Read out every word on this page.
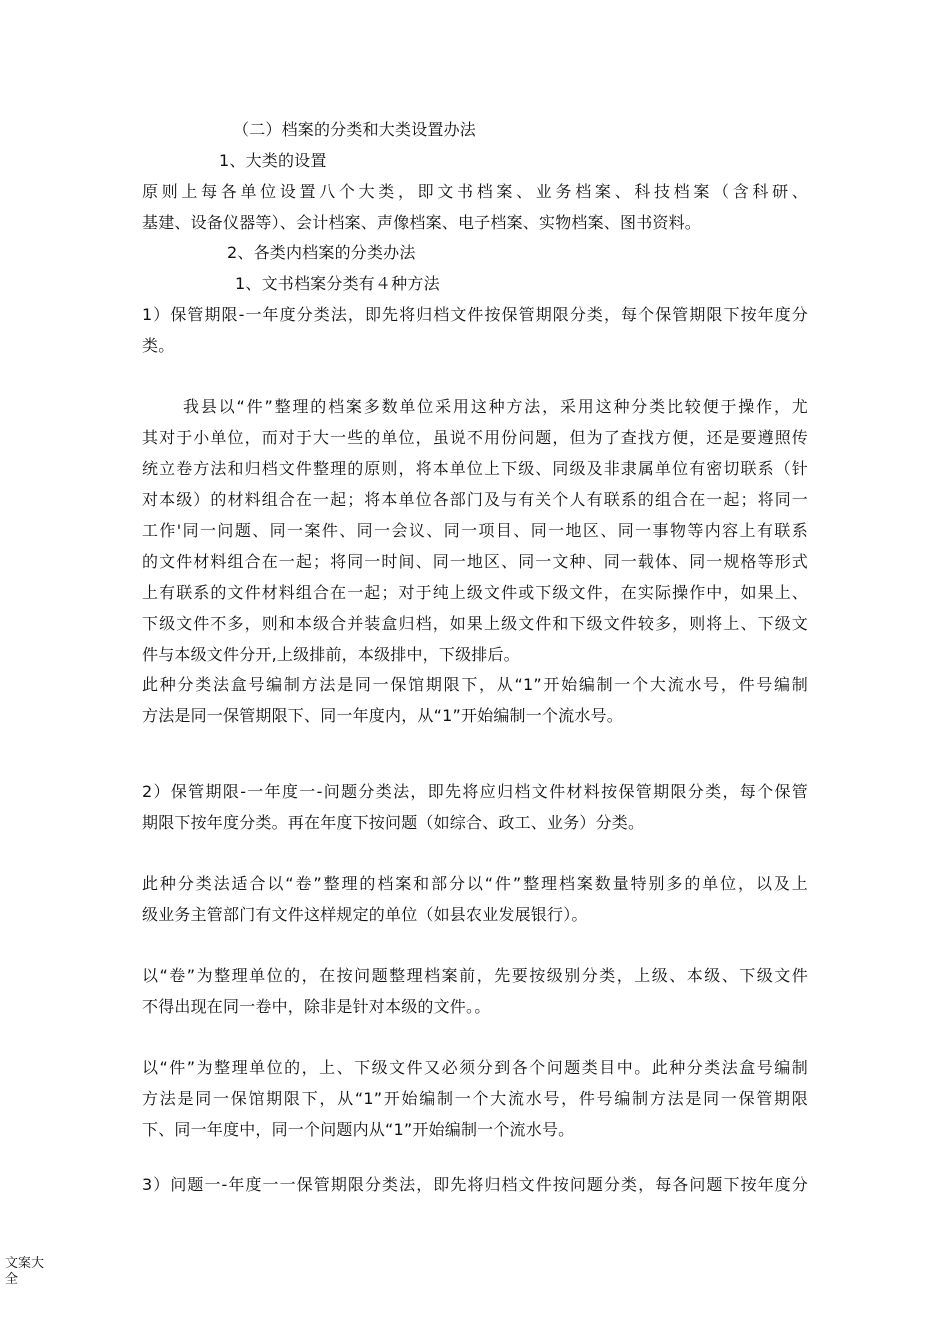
（二）档案的分类和大类设置办法
1、大类的设置
原则上每各单位设置八个大类，即文书档案、业务档案、科技档案（含科研、
基建、设备仪器等）、会计档案、声像档案、电子档案、实物档案、图书资料。
2、各类内档案的分类办法
1、文书档案分类有４种方法
1）保管期限-一年度分类法，即先将归档文件按保管期限分类，每个保管期限下按年度分
类。
我县以“件”整理的档案多数单位采用这种方法，采用这种分类比较便于操作，尤
其对于小单位，而对于大一些的单位，虽说不用份问题，但为了查找方便，还是要遵照传
统立卷方法和归档文件整理的原则，将本单位上下级、同级及非隶属单位有密切联系（针
对本级）的材料组合在一起；将本单位各部门及与有关个人有联系的组合在一起；将同一
工作'同一问题、同一案件、同一会议、同一项目、同一地区、同一事物等内容上有联系
的文件材料组合在一起；将同一时间、同一地区、同一文种、同一载体、同一规格等形式
上有联系的文件材料组合在一起；对于纯上级文件或下级文件，在实际操作中，如果上、
下级文件不多，则和本级合并装盒归档，如果上级文件和下级文件较多，则将上、下级文
件与本级文件分开,上级排前，本级排中，下级排后。
此种分类法盒号编制方法是同一保馆期限下，从“1”开始编制一个大流水号，件号编制
方法是同一保管期限下、同一年度内，从“1”开始编制一个流水号。
2）保管期限-一年度一-问题分类法，即先将应归档文件材料按保管期限分类，每个保管
期限下按年度分类。再在年度下按问题（如综合、政工、业务）分类。
此种分类法适合以“卷”整理的档案和部分以“件”整理档案数量特别多的单位，以及上
级业务主管部门有文件这样规定的单位（如县农业发展银行）。
以“卷”为整理单位的，在按问题整理档案前，先要按级别分类，上级、本级、下级文件
不得出现在同一卷中，除非是针对本级的文件。。
以“件”为整理单位的，上、下级文件又必须分到各个问题类目中。此种分类法盒号编制
方法是同一保馆期限下，从“1”开始编制一个大流水号，件号编制方法是同一保管期限
下、同一年度中，同一个问题内从“1”开始编制一个流水号。
3）问题一-年度一一保管期限分类法，即先将归档文件按问题分类，每各问题下按年度分
文案大全
